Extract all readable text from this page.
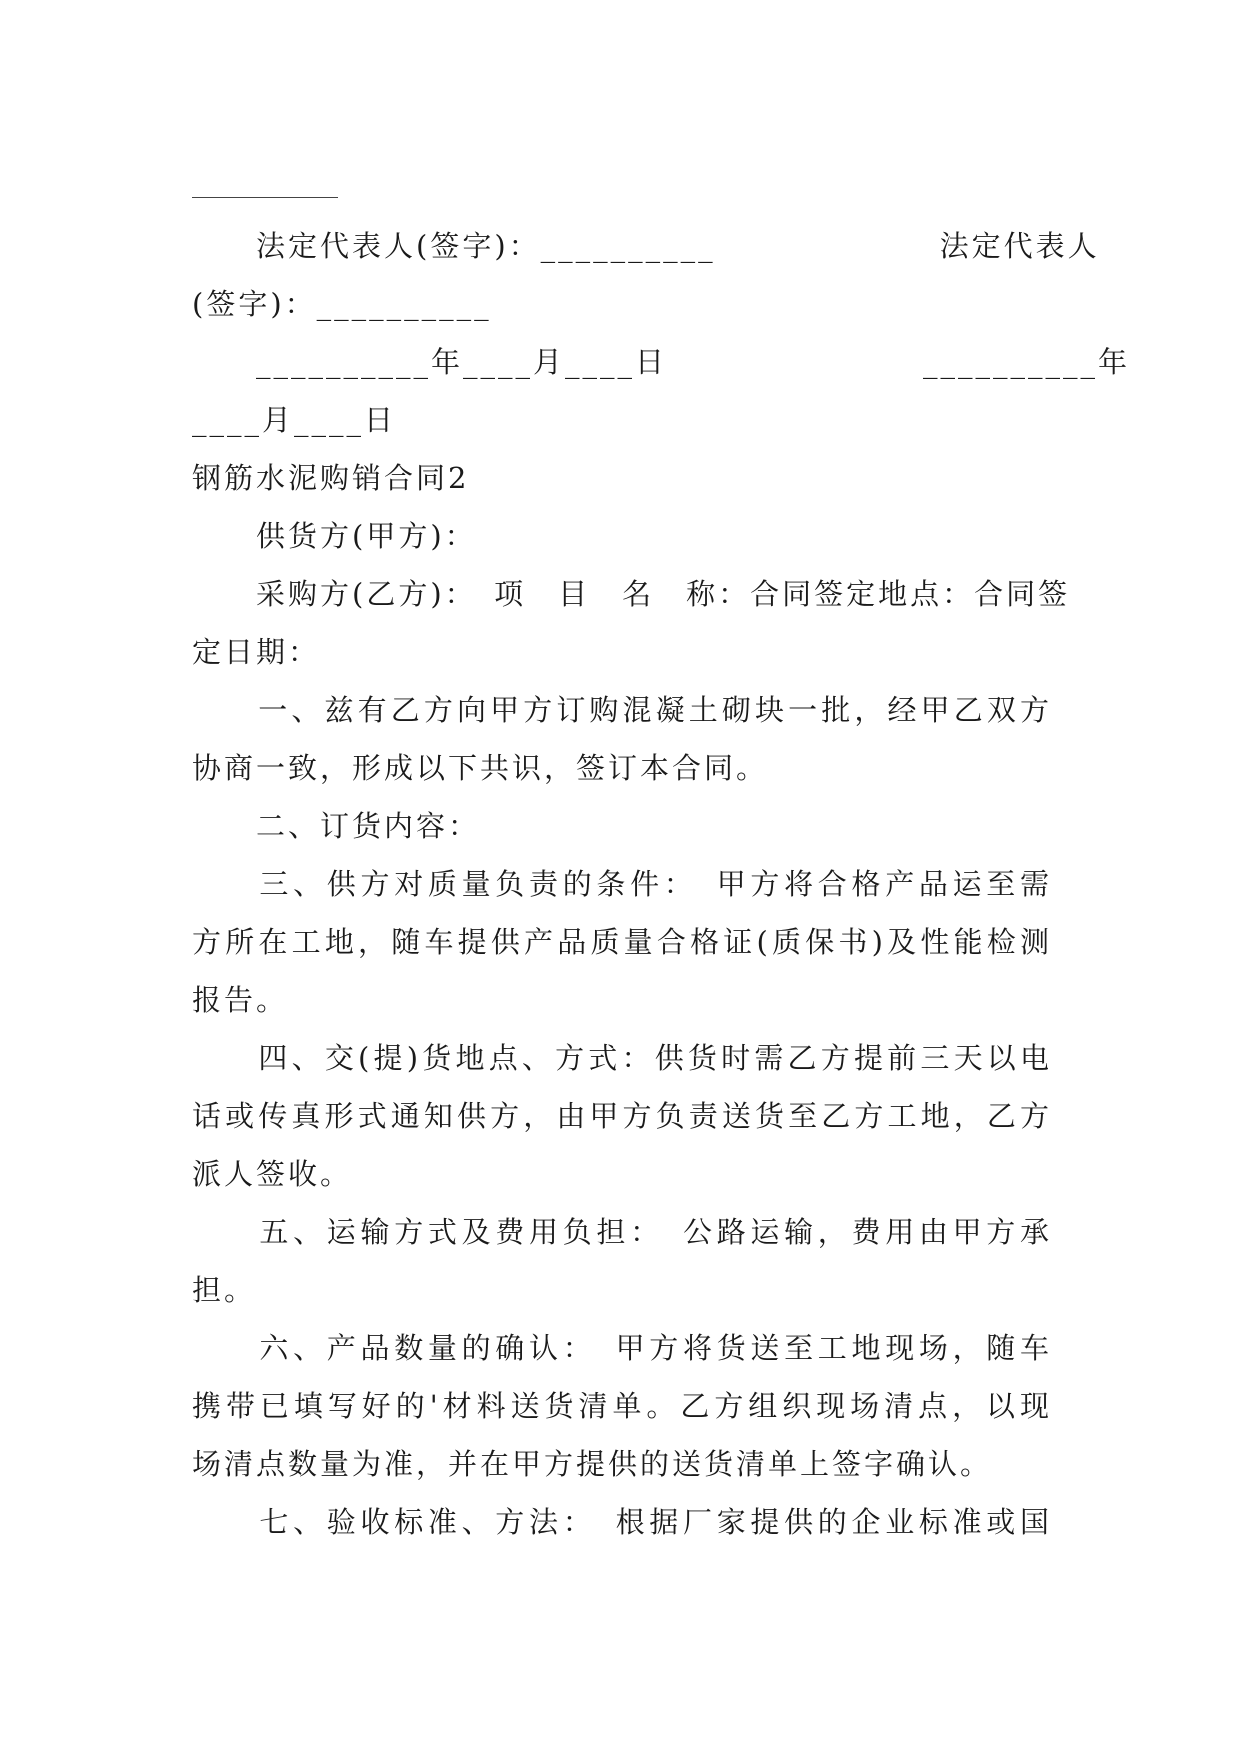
　　法定代表人(签字)：__________　　　　　　　法定代表人
(签字)：__________
　　__________年____月____日　　　　　　　　__________年
____月____日
钢筋水泥购销合同2
　　供货方(甲方)：
　　采购方(乙方)：　项　目　名　称：合同签定地点：合同签
定日期：
　　一、兹有乙方向甲方订购混凝土砌块一批，经甲乙双方
协商一致，形成以下共识，签订本合同。
　　二、订货内容：
　　三、供方对质量负责的条件：　甲方将合格产品运至需
方所在工地，随车提供产品质量合格证(质保书)及性能检测
报告。
　　四、交(提)货地点、方式：供货时需乙方提前三天以电
话或传真形式通知供方，由甲方负责送货至乙方工地，乙方
派人签收。
　　五、运输方式及费用负担：　公路运输，费用由甲方承
担。
　　六、产品数量的确认：　甲方将货送至工地现场，随车
携带已填写好的'材料送货清单。乙方组织现场清点，以现
场清点数量为准，并在甲方提供的送货清单上签字确认。
　　七、验收标准、方法：　根据厂家提供的企业标准或国
